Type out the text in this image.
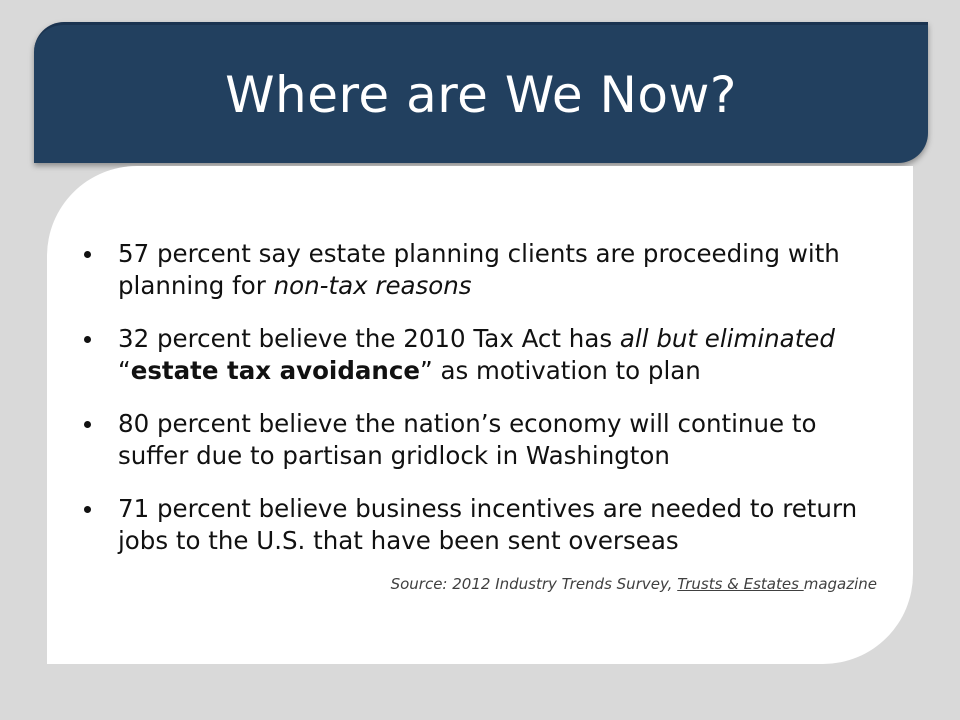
Where are We Now?
57 percent say estate planning clients are proceeding with planning for non-tax reasons
32 percent believe the 2010 Tax Act has all but eliminated “estate tax avoidance” as motivation to plan
80 percent believe the nation’s economy will continue to suffer due to partisan gridlock in Washington
71 percent believe business incentives are needed to return jobs to the U.S. that have been sent overseas
Source: 2012 Industry Trends Survey, Trusts & Estates magazine
